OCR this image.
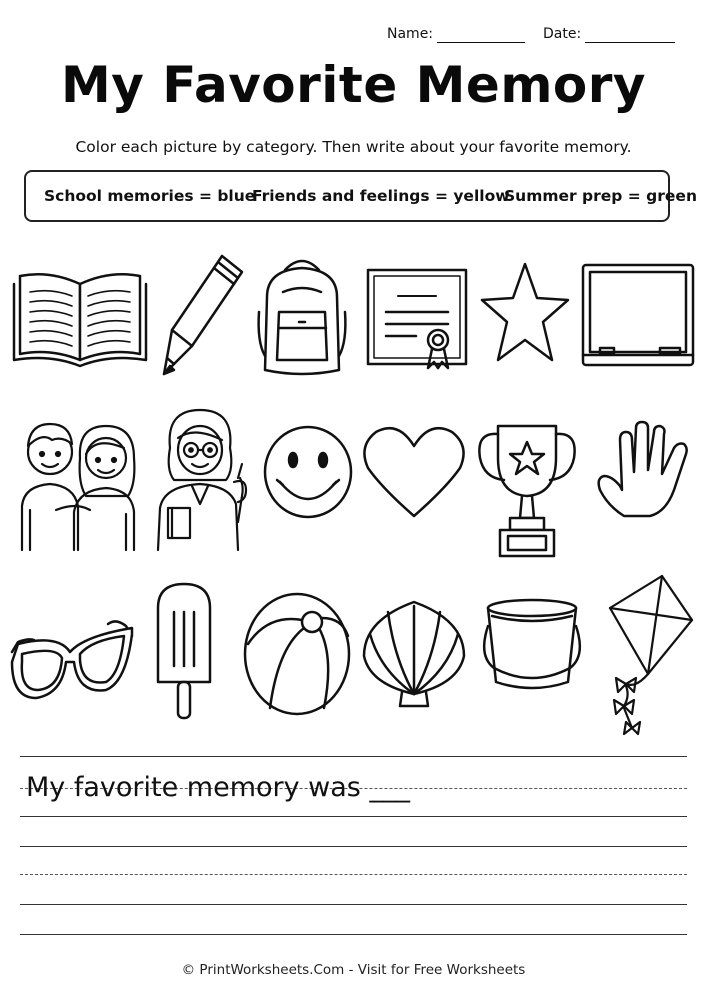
Name:	Date:
My Favorite Memory
Color each picture by category. Then write about your favorite memory.
School memories = blue
Friends and feelings = yellow
Summer prep = green
My favorite memory was ___
© PrintWorksheets.Com - Visit for Free Worksheets
